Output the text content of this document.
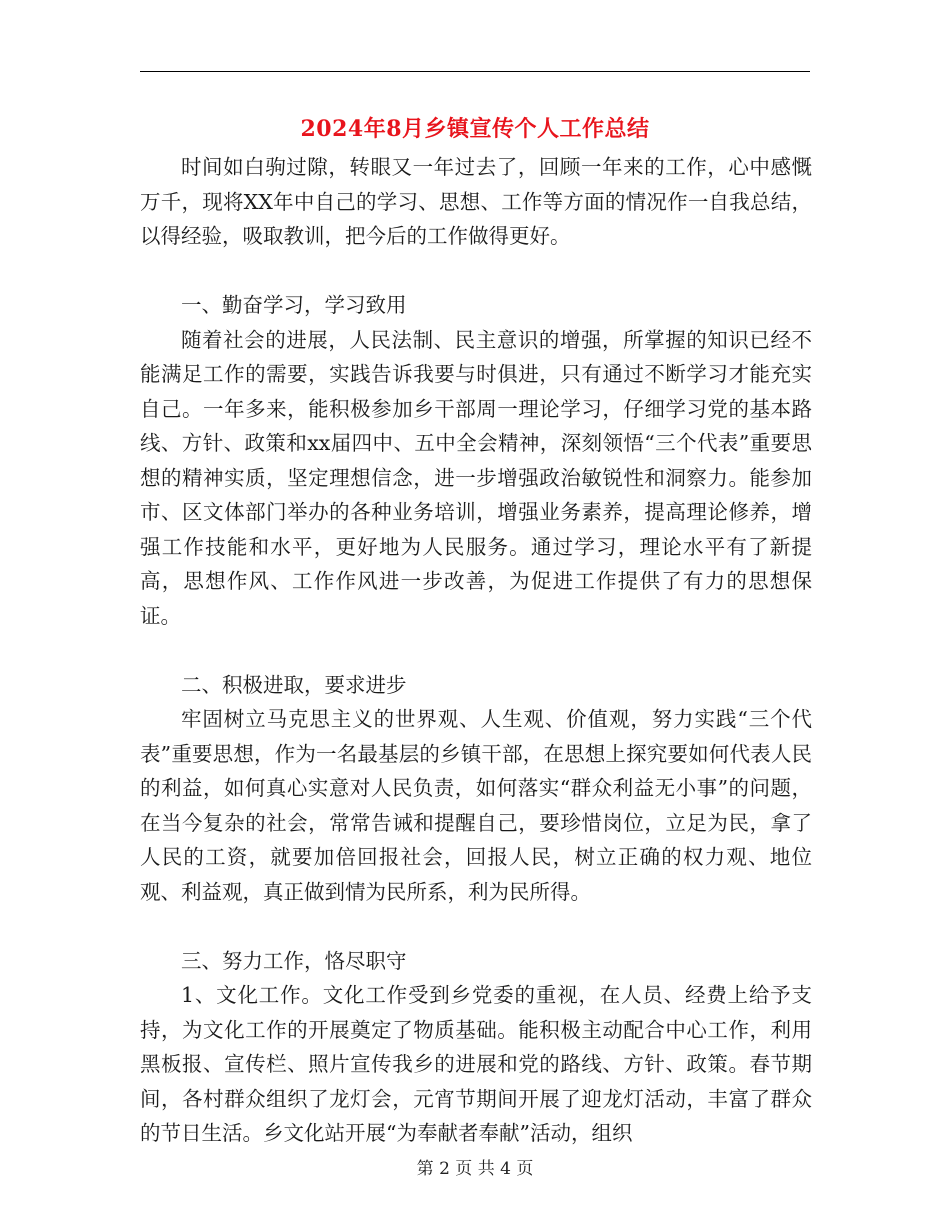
2024年8月乡镇宣传个人工作总结

时间如白驹过隙，转眼又一年过去了，回顾一年来的工作，心中感慨万千，现将XX年中自己的学习、思想、工作等方面的情况作一自我总结，以得经验，吸取教训，把今后的工作做得更好。

一、勤奋学习，学习致用

随着社会的进展，人民法制、民主意识的增强，所掌握的知识已经不能满足工作的需要，实践告诉我要与时俱进，只有通过不断学习才能充实自己。一年多来，能积极参加乡干部周一理论学习，仔细学习党的基本路线、方针、政策和xx届四中、五中全会精神，深刻领悟“三个代表”重要思想的精神实质，坚定理想信念，进一步增强政治敏锐性和洞察力。能参加市、区文体部门举办的各种业务培训，增强业务素养，提高理论修养，增强工作技能和水平，更好地为人民服务。通过学习，理论水平有了新提高，思想作风、工作作风进一步改善，为促进工作提供了有力的思想保证。

二、积极进取，要求进步

牢固树立马克思主义的世界观、人生观、价值观，努力实践“三个代表”重要思想，作为一名最基层的乡镇干部，在思想上探究要如何代表人民的利益，如何真心实意对人民负责，如何落实“群众利益无小事”的问题，在当今复杂的社会，常常告诫和提醒自己，要珍惜岗位，立足为民，拿了人民的工资，就要加倍回报社会，回报人民，树立正确的权力观、地位观、利益观，真正做到情为民所系，利为民所得。

三、努力工作，恪尽职守

1、文化工作。文化工作受到乡党委的重视，在人员、经费上给予支持，为文化工作的开展奠定了物质基础。能积极主动配合中心工作，利用黑板报、宣传栏、照片宣传我乡的进展和党的路线、方针、政策。春节期间，各村群众组织了龙灯会，元宵节期间开展了迎龙灯活动，丰富了群众的节日生活。乡文化站开展“为奉献者奉献”活动，组织

第 2 页 共 4 页
